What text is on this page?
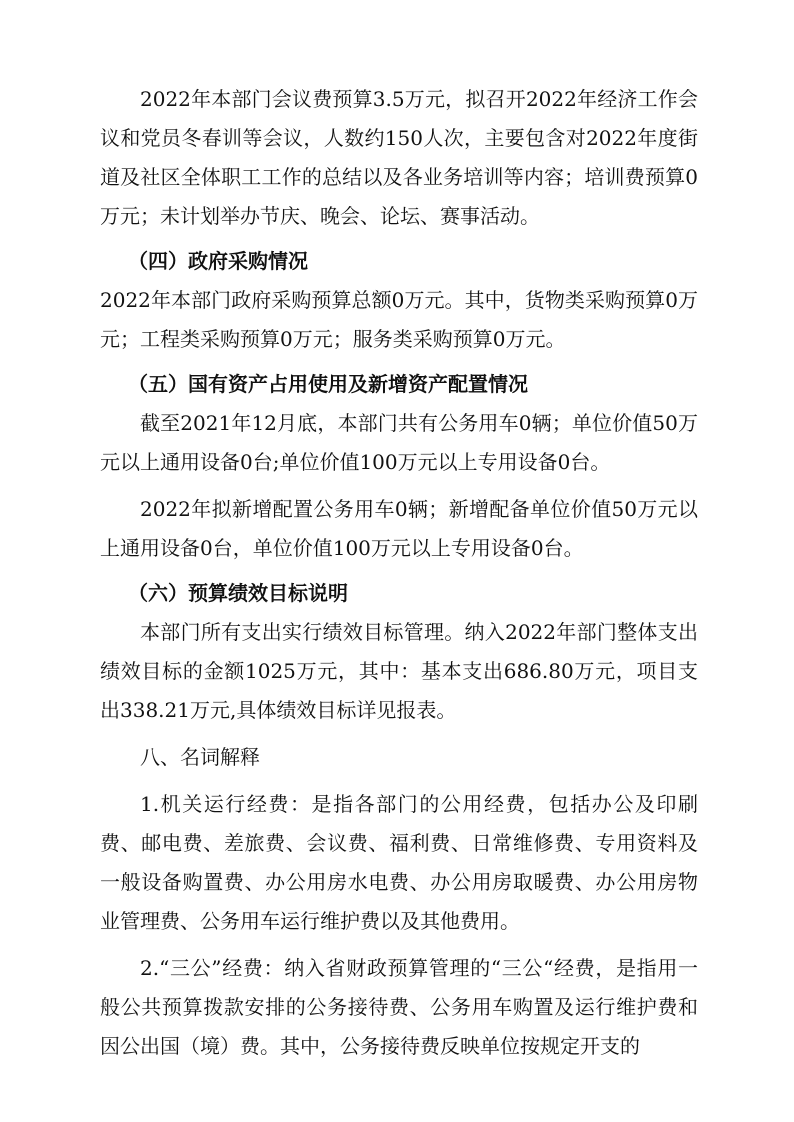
2022年本部门会议费预算3.5万元，拟召开2022年经济工作会议和党员冬春训等会议，人数约150人次，主要包含对2022年度街道及社区全体职工工作的总结以及各业务培训等内容；培训费预算0万元；未计划举办节庆、晚会、论坛、赛事活动。

（四）政府采购情况

2022年本部门政府采购预算总额0万元。其中，货物类采购预算0万元；工程类采购预算0万元；服务类采购预算0万元。

（五）国有资产占用使用及新增资产配置情况

截至2021年12月底，本部门共有公务用车0辆；单位价值50万元以上通用设备0台;单位价值100万元以上专用设备0台。

2022年拟新增配置公务用车0辆；新增配备单位价值50万元以上通用设备0台，单位价值100万元以上专用设备0台。

（六）预算绩效目标说明

本部门所有支出实行绩效目标管理。纳入2022年部门整体支出绩效目标的金额1025万元，其中：基本支出686.80万元，项目支出338.21万元,具体绩效目标详见报表。

八、名词解释

1.机关运行经费：是指各部门的公用经费，包括办公及印刷费、邮电费、差旅费、会议费、福利费、日常维修费、专用资料及一般设备购置费、办公用房水电费、办公用房取暖费、办公用房物业管理费、公务用车运行维护费以及其他费用。

2.“三公”经费：纳入省财政预算管理的“三公“经费，是指用一般公共预算拨款安排的公务接待费、公务用车购置及运行维护费和因公出国（境）费。其中，公务接待费反映单位按规定开支的
